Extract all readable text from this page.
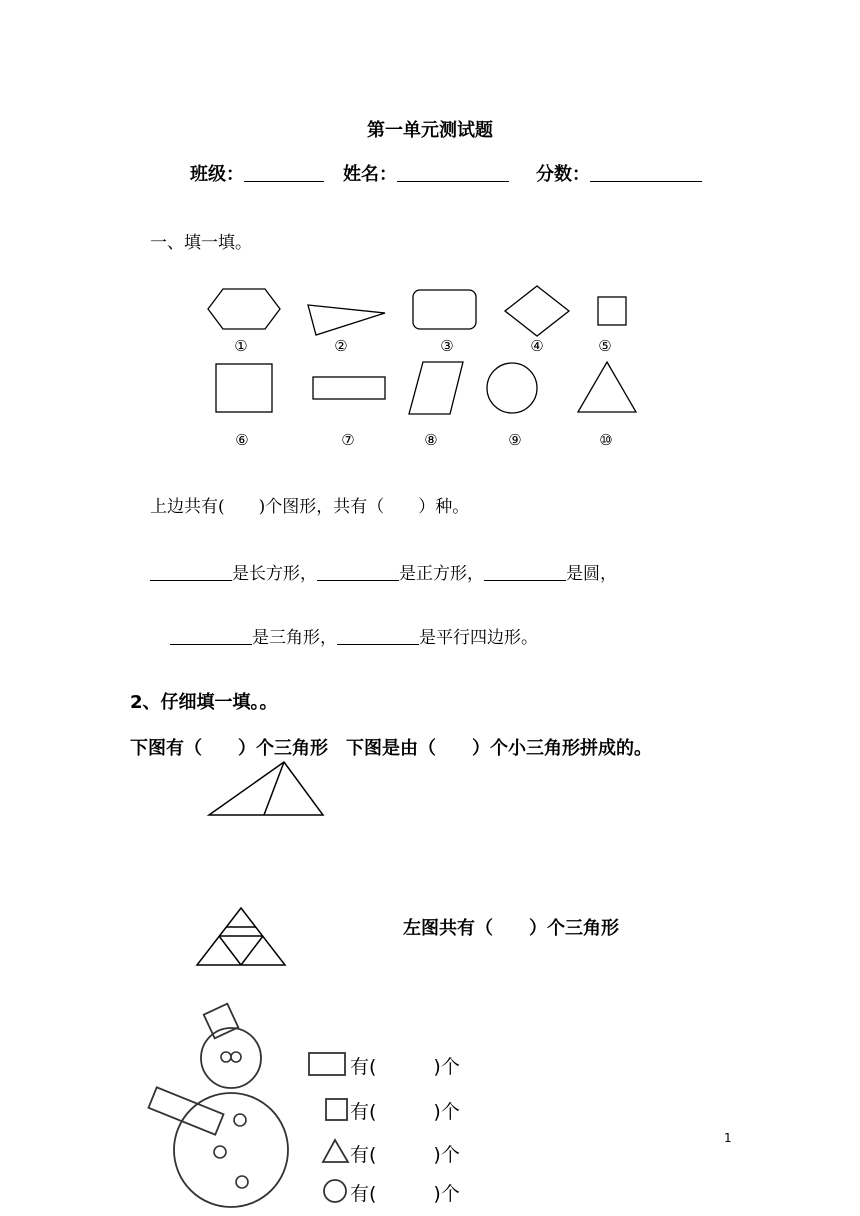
第一单元测试题
班级：	姓名：	分数：
一、填一填。
①	②	③	④	⑤
⑥	⑦	⑧	⑨	⑩
上边共有(　　)个图形，共有（　　）种。
是长方形，	是正方形，	是圆，
是三角形，	是平行四边形。
2、仔细填一填。。
下图有（　　）个三角形　下图是由（　　）个小三角形拼成的。
左图共有（　　）个三角形
有(　　　)个
有(　　　)个
有(　　　)个
有(　　　)个
1
